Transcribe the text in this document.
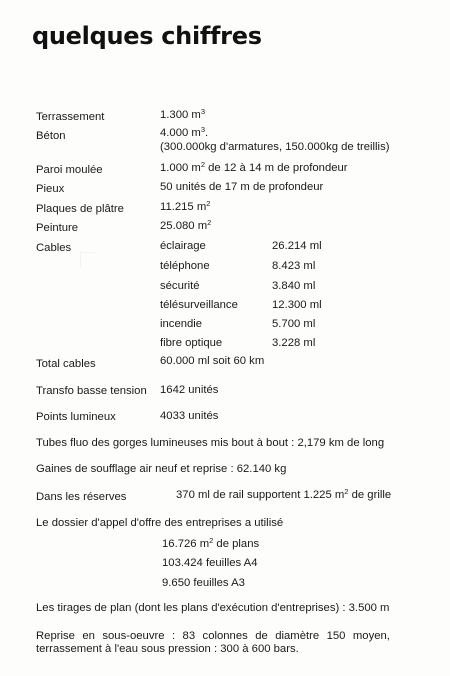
quelques chiffres
Terrassement	1.300 $m^3$
Béton	4.000 $m^3$.
(300.000kg d'armatures, 150.000kg de treillis)
Paroi moulée	1.000 $m^2$ de 12 à 14 m de profondeur
Pieux	50 unités de 17 m de profondeur
Plaques de plâtre	11.215 $m^2$
Peinture	25.080 $m^2$
Cables	éclairage	26.214 ml
téléphone	8.423 ml
sécurité	3.840 ml
télésurveillance	12.300 ml
incendie	5.700 ml
fibre optique	3.228 ml
Total cables	60.000 ml soit 60 km
Transfo basse tension 1642 unités
Points lumineux	4033 unités
Tubes fluo des gorges lumineuses mis bout à bout : 2,179 km de long
Gaines de soufflage air neuf et reprise : 62.140 kg
Dans les réserves	370 ml de rail supportent 1.225 $m^2$ de grille
Le dossier d'appel d'offre des entreprises a utilisé
16.726 $m^2$ de plans
103.424 feuilles A4
9.650 feuilles A3
Les tirages de plan (dont les plans d'exécution d'entreprises) : 3.500 m
Reprise en sous-oeuvre : 83 colonnes de diamètre 150 moyen,
terrassement à l'eau sous pression : 300 à 600 bars.
